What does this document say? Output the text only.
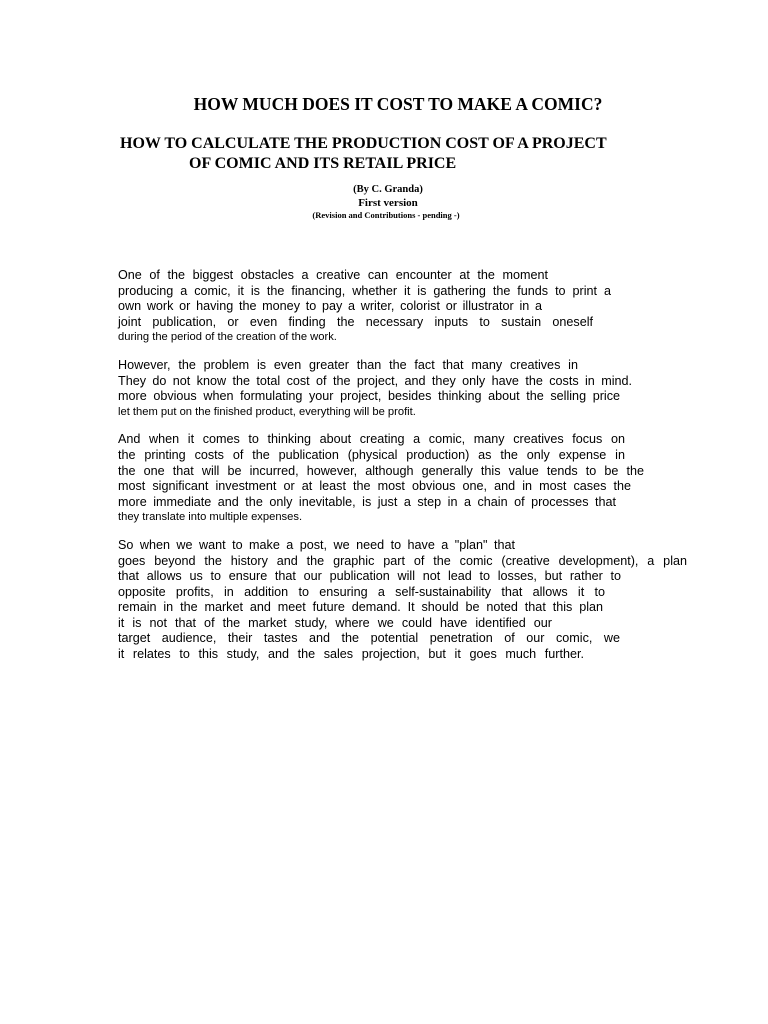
HOW MUCH DOES IT COST TO MAKE A COMIC?
HOW TO CALCULATE THE PRODUCTION COST OF A PROJECT
OF COMIC AND ITS RETAIL PRICE
(By C. Granda)
First version
(Revision and Contributions - pending -)
One of the biggest obstacles a creative can encounter at the moment
producing a comic, it is the financing, whether it is gathering the funds to print a
own work or having the money to pay a writer, colorist or illustrator in a
joint publication, or even finding the necessary inputs to sustain oneself
during the period of the creation of the work.
However, the problem is even greater than the fact that many creatives in
They do not know the total cost of the project, and they only have the costs in mind.
more obvious when formulating your project, besides thinking about the selling price
let them put on the finished product, everything will be profit.
And when it comes to thinking about creating a comic, many creatives focus on
the printing costs of the publication (physical production) as the only expense in
the one that will be incurred, however, although generally this value tends to be the
most significant investment or at least the most obvious one, and in most cases the
more immediate and the only inevitable, is just a step in a chain of processes that
they translate into multiple expenses.
So when we want to make a post, we need to have a "plan" that
goes beyond the history and the graphic part of the comic (creative development), a plan
that allows us to ensure that our publication will not lead to losses, but rather to
opposite profits, in addition to ensuring a self-sustainability that allows it to
remain in the market and meet future demand. It should be noted that this plan
it is not that of the market study, where we could have identified our
target audience, their tastes and the potential penetration of our comic, we
it relates to this study, and the sales projection, but it goes much further.
